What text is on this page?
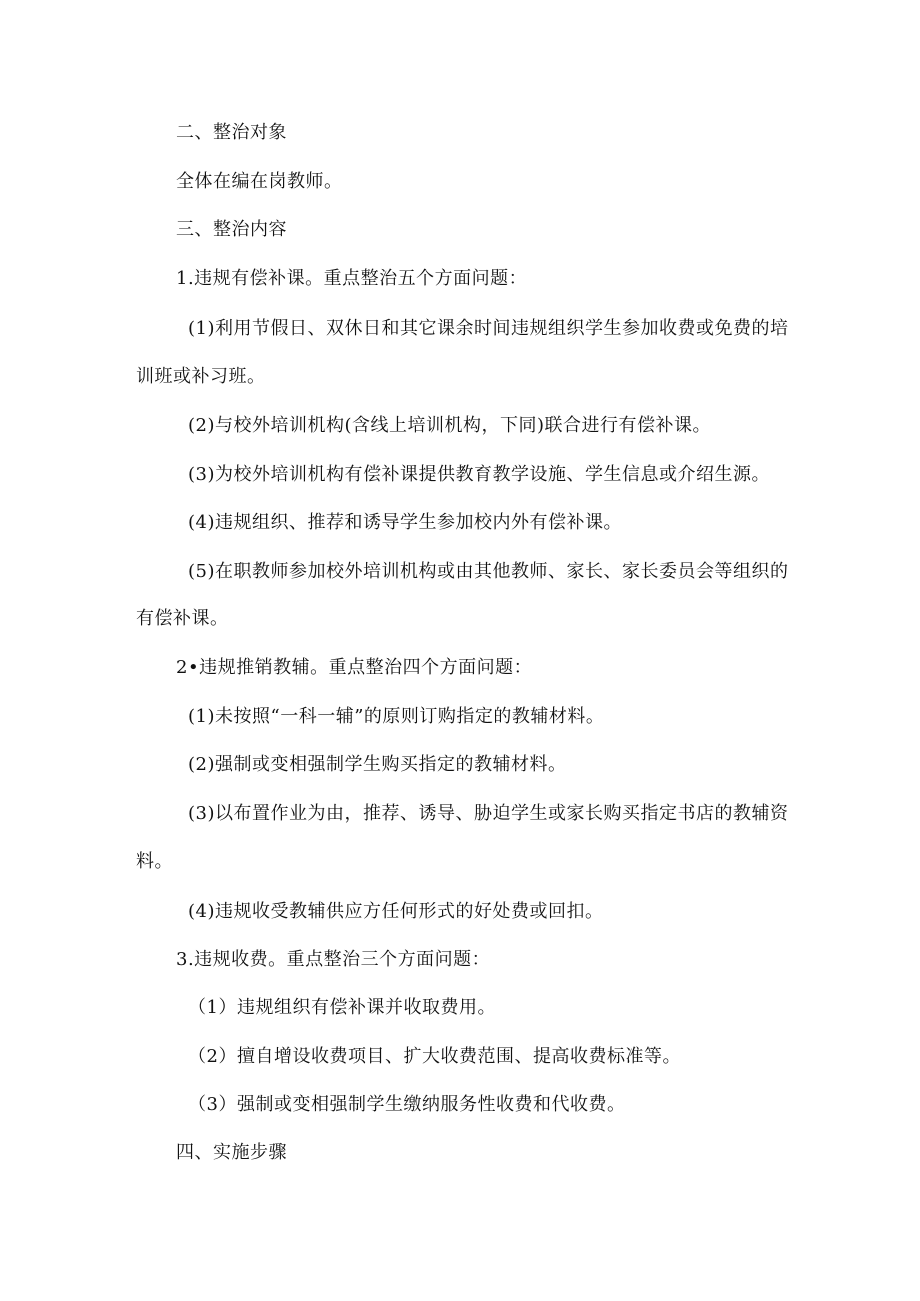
二、整治对象
全体在编在岗教师。
三、整治内容
1.违规有偿补课。重点整治五个方面问题：
(1)利用节假日、双休日和其它课余时间违规组织学生参加收费或免费的培
训班或补习班。
(2)与校外培训机构(含线上培训机构，下同)联合进行有偿补课。
(3)为校外培训机构有偿补课提供教育教学设施、学生信息或介绍生源。
(4)违规组织、推荐和诱导学生参加校内外有偿补课。
(5)在职教师参加校外培训机构或由其他教师、家长、家长委员会等组织的
有偿补课。
2•违规推销教辅。重点整治四个方面问题：
(1)未按照“一科一辅”的原则订购指定的教辅材料。
(2)强制或变相强制学生购买指定的教辅材料。
(3)以布置作业为由，推荐、诱导、胁迫学生或家长购买指定书店的教辅资
料。
(4)违规收受教辅供应方任何形式的好处费或回扣。
3.违规收费。重点整治三个方面问题：
（1）违规组织有偿补课并收取费用。
（2）擅自增设收费项目、扩大收费范围、提高收费标准等。
（3）强制或变相强制学生缴纳服务性收费和代收费。
四、实施步骤
